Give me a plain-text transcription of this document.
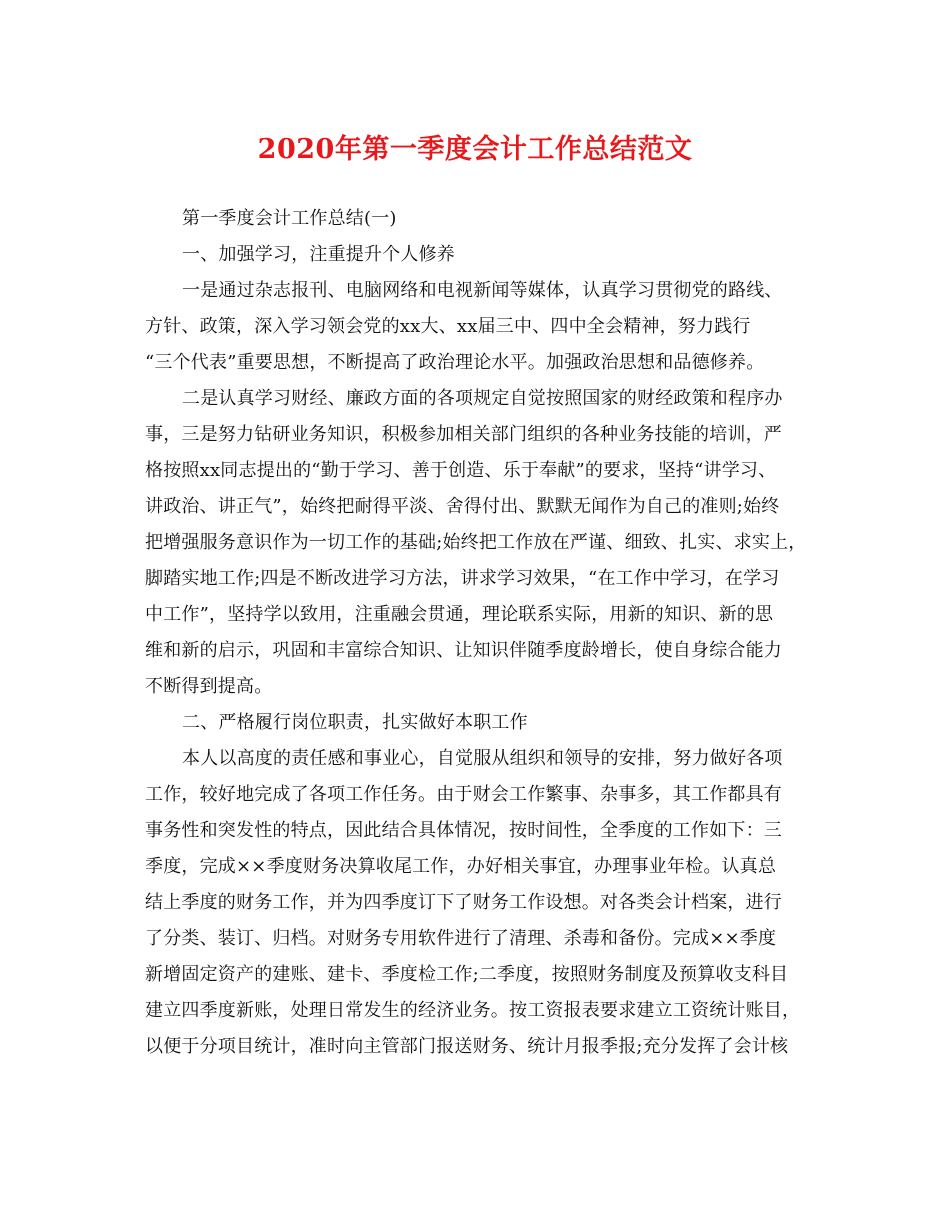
2020年第一季度会计工作总结范文
第一季度会计工作总结(一)
一、加强学习，注重提升个人修养
一是通过杂志报刊、电脑网络和电视新闻等媒体，认真学习贯彻党的路线、
方针、政策，深入学习领会党的xx大、xx届三中、四中全会精神，努力践行
“三个代表”重要思想，不断提高了政治理论水平。加强政治思想和品德修养。
二是认真学习财经、廉政方面的各项规定自觉按照国家的财经政策和程序办
事，三是努力钻研业务知识，积极参加相关部门组织的各种业务技能的培训，严
格按照xx同志提出的“勤于学习、善于创造、乐于奉献”的要求，坚持“讲学习、
讲政治、讲正气”，始终把耐得平淡、舍得付出、默默无闻作为自己的准则;始终
把增强服务意识作为一切工作的基础;始终把工作放在严谨、细致、扎实、求实上，
脚踏实地工作;四是不断改进学习方法，讲求学习效果，“在工作中学习，在学习
中工作”，坚持学以致用，注重融会贯通，理论联系实际，用新的知识、新的思
维和新的启示，巩固和丰富综合知识、让知识伴随季度龄增长，使自身综合能力
不断得到提高。
二、严格履行岗位职责，扎实做好本职工作
本人以高度的责任感和事业心，自觉服从组织和领导的安排，努力做好各项
工作，较好地完成了各项工作任务。由于财会工作繁事、杂事多，其工作都具有
事务性和突发性的特点，因此结合具体情况，按时间性，全季度的工作如下：三
季度，完成××季度财务决算收尾工作，办好相关事宜，办理事业年检。认真总
结上季度的财务工作，并为四季度订下了财务工作设想。对各类会计档案，进行
了分类、装订、归档。对财务专用软件进行了清理、杀毒和备份。完成××季度
新增固定资产的建账、建卡、季度检工作;二季度，按照财务制度及预算收支科目
建立四季度新账，处理日常发生的经济业务。按工资报表要求建立工资统计账目，
以便于分项目统计，准时向主管部门报送财务、统计月报季报;充分发挥了会计核
